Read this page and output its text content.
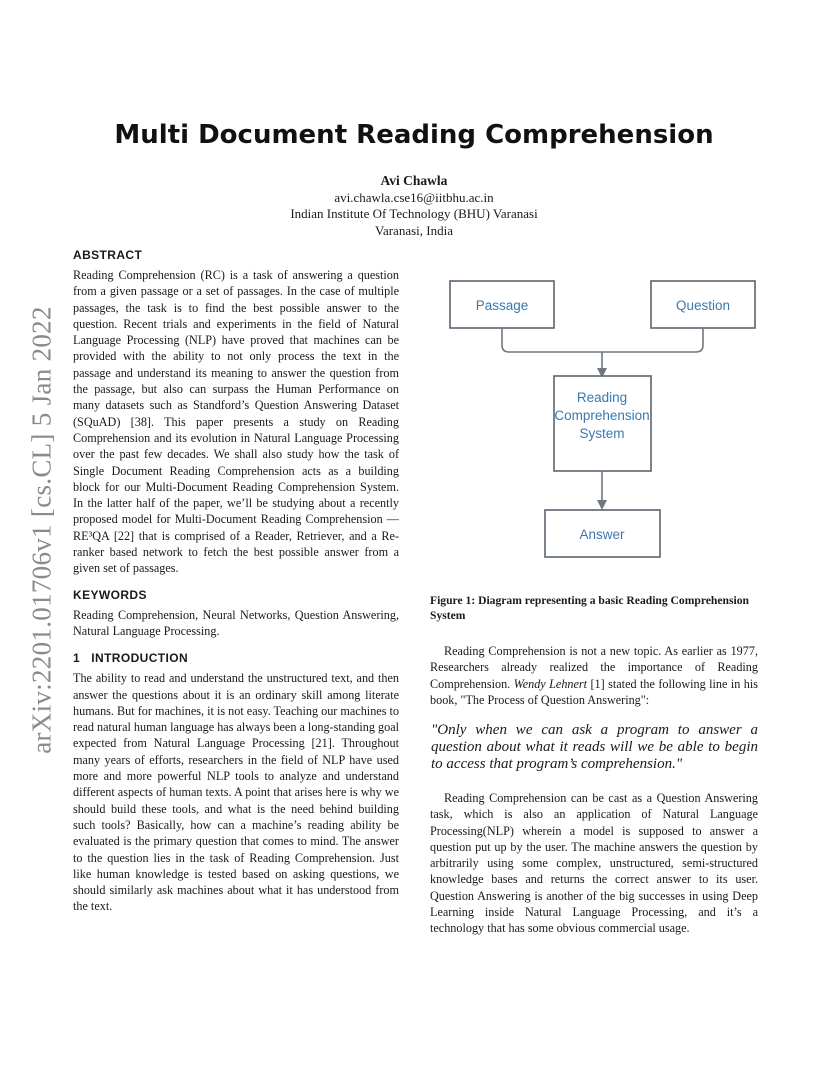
arXiv:2201.01706v1 [cs.CL] 5 Jan 2022
Multi Document Reading Comprehension
Avi Chawla
avi.chawla.cse16@iitbhu.ac.in
Indian Institute Of Technology (BHU) Varanasi
Varanasi, India
ABSTRACT

Reading Comprehension (RC) is a task of answering a question from a given passage or a set of passages. In the case of multiple passages, the task is to find the best possible answer to the question. Recent trials and experiments in the field of Natural Language Processing (NLP) have proved that machines can be provided with the ability to not only process the text in the passage and understand its meaning to answer the question from the passage, but also can surpass the Human Performance on many datasets such as Standford’s Question Answering Dataset (SQuAD) [38]. This paper presents a study on Reading Comprehension and its evolution in Natural Language Processing over the past few decades. We shall also study how the task of Single Document Reading Comprehension acts as a building block for our Multi-Document Reading Comprehension System. In the latter half of the paper, we’ll be studying about a recently proposed model for Multi-Document Reading Comprehension — RE³QA [22] that is comprised of a Reader, Retriever, and a Re-ranker based network to fetch the best possible answer from a given set of passages.

KEYWORDS

Reading Comprehension, Neural Networks, Question Answering, Natural Language Processing.

1 INTRODUCTION

The ability to read and understand the unstructured text, and then answer the questions about it is an ordinary skill among literate humans. But for machines, it is not easy. Teaching our machines to read natural human language has always been a long-standing goal expected from Natural Language Processing [21]. Throughout many years of efforts, researchers in the field of NLP have used more and more powerful NLP tools to analyze and understand different aspects of human texts. A point that arises here is why we should build these tools, and what is the need behind building such tools? Basically, how can a machine’s reading ability be evaluated is the primary question that comes to mind. The answer to the question lies in the task of Reading Comprehension. Just like human knowledge is tested based on asking questions, we should similarly ask machines about what it has understood from the text.

Passage	Question
Reading
Comprehension
System
Answer
Figure 1: Diagram representing a basic Reading Comprehension System

Reading Comprehension is not a new topic. As earlier as 1977, Researchers already realized the importance of Reading Comprehension. Wendy Lehnert [1] stated the following line in his book, "The Process of Question Answering":

"Only when we can ask a program to answer a question about what it reads will we be able to begin to access that program’s comprehension."

Reading Comprehension can be cast as a Question Answering task, which is also an application of Natural Language Processing(NLP) wherein a model is supposed to answer a question put up by the user. The machine answers the question by arbitrarily using some complex, unstructured, semi-structured knowledge bases and returns the correct answer to its user. Question Answering is another of the big successes in using Deep Learning inside Natural Language Processing, and it’s a technology that has some obvious commercial usage.
